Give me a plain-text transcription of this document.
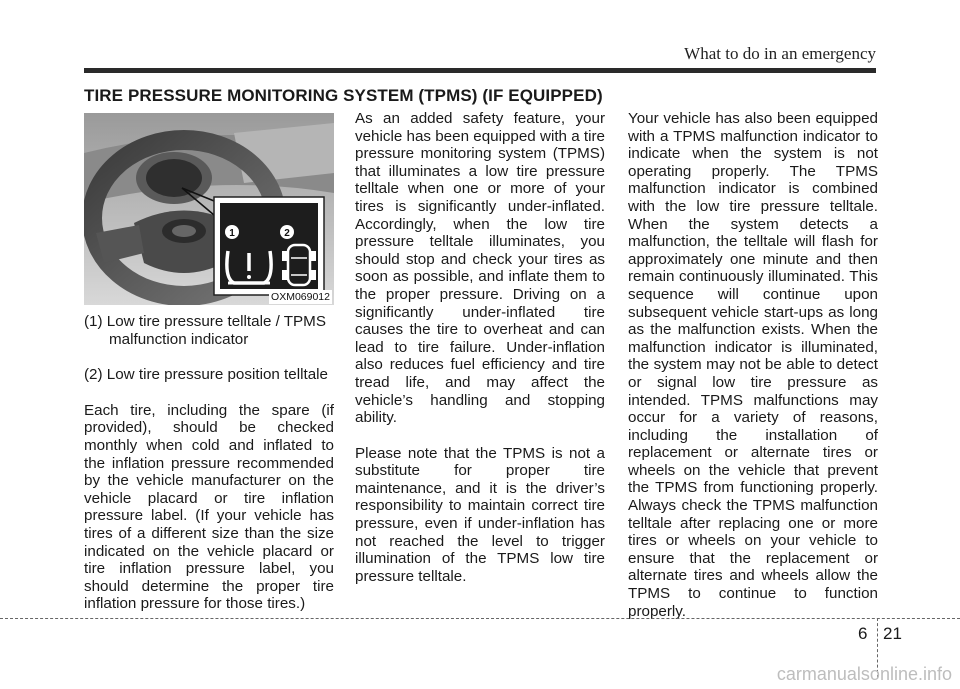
What to do in an emergency
TIRE PRESSURE MONITORING SYSTEM (TPMS) (IF EQUIPPED)
1	2
OXM069012

(1) Low tire pressure telltale / TPMS malfunction indicator

(2) Low tire pressure position telltale

Each tire, including the spare (if provided), should be checked monthly when cold and inflated to the inflation pressure recommended by the vehicle manufacturer on the vehicle placard or tire inflation pressure label. (If your vehicle has tires of a different size than the size indicated on the vehicle placard or tire inflation pressure label, you should determine the proper tire inflation pressure for those tires.)

As an added safety feature, your vehicle has been equipped with a tire pressure monitoring system (TPMS) that illuminates a low tire pressure telltale when one or more of your tires is significantly under-inflated. Accordingly, when the low tire pressure telltale illuminates, you should stop and check your tires as soon as possible, and inflate them to the proper pressure. Driving on a significantly under-inflated tire causes the tire to overheat and can lead to tire failure. Under-inflation also reduces fuel efficiency and tire tread life, and may affect the vehicle’s handling and stopping ability.

Please note that the TPMS is not a substitute for proper tire maintenance, and it is the driver’s responsibility to maintain correct tire pressure, even if under-inflation has not reached the level to trigger illumination of the TPMS low tire pressure telltale.

Your vehicle has also been equipped with a TPMS malfunction indicator to indicate when the system is not operating properly. The TPMS malfunction indicator is combined with the low tire pressure telltale. When the system detects a malfunction, the telltale will flash for approximately one minute and then remain continuously illuminated. This sequence will continue upon subsequent vehicle start-ups as long as the malfunction exists. When the malfunction indicator is illuminated, the system may not be able to detect or signal low tire pressure as intended. TPMS malfunctions may occur for a variety of reasons, including the installation of replacement or alternate tires or wheels on the vehicle that prevent the TPMS from functioning properly. Always check the TPMS malfunction telltale after replacing one or more tires or wheels on your vehicle to ensure that the replacement or alternate tires and wheels allow the TPMS to continue to function properly.

6 21
carmanualsonline.info
